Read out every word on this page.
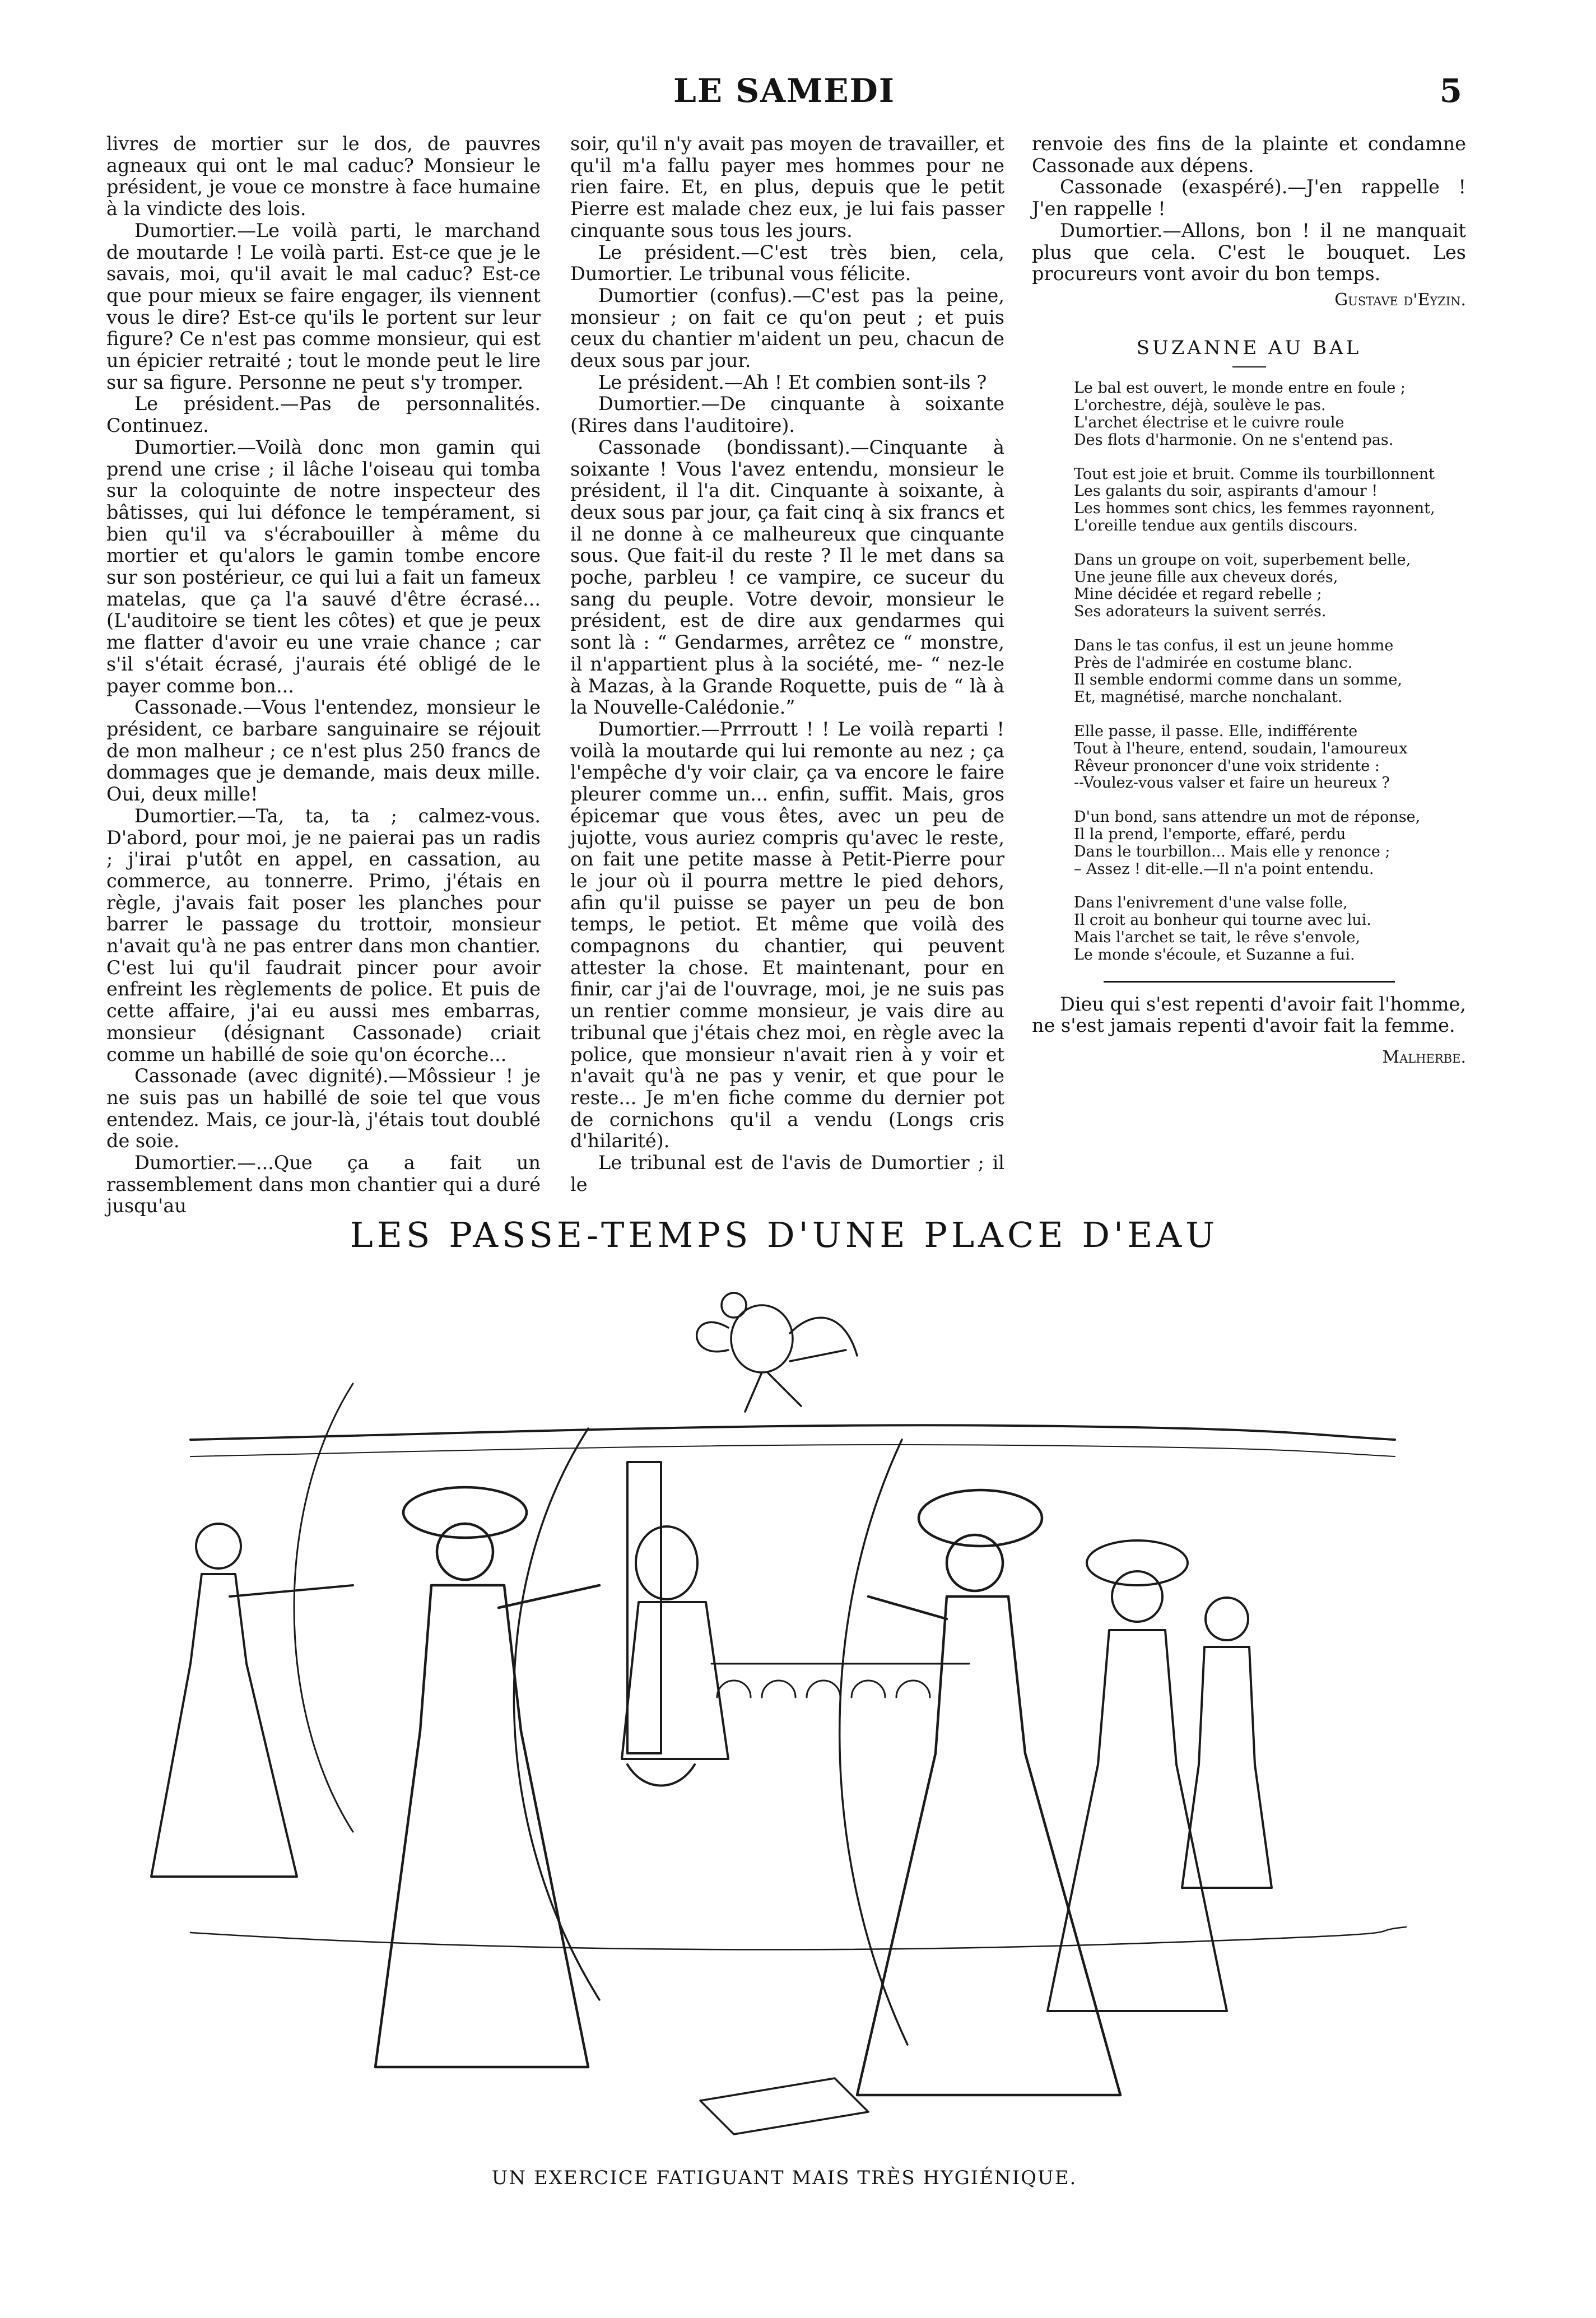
LE SAMEDI	5

livres de mortier sur le dos, de pauvres agneaux qui ont le mal caduc? Monsieur le président, je voue ce monstre à face humaine à la vindicte des lois.

Dumortier.—Le voilà parti, le marchand de moutarde ! Le voilà parti. Est-ce que je le savais, moi, qu'il avait le mal caduc? Est-ce que pour mieux se faire engager, ils viennent vous le dire? Est-ce qu'ils le portent sur leur figure? Ce n'est pas comme monsieur, qui est un épicier retraité ; tout le monde peut le lire sur sa figure. Personne ne peut s'y tromper.

Le président.—Pas de personnalités. Continuez.

Dumortier.—Voilà donc mon gamin qui prend une crise ; il lâche l'oiseau qui tomba sur la coloquinte de notre inspecteur des bâtisses, qui lui défonce le tempérament, si bien qu'il va s'écrabouiller à même du mortier et qu'alors le gamin tombe encore sur son postérieur, ce qui lui a fait un fameux matelas, que ça l'a sauvé d'être écrasé... (L'auditoire se tient les côtes) et que je peux me flatter d'avoir eu une vraie chance ; car s'il s'était écrasé, j'aurais été obligé de le payer comme bon...

Cassonade.—Vous l'entendez, monsieur le président, ce barbare sanguinaire se réjouit de mon malheur ; ce n'est plus 250 francs de dommages que je demande, mais deux mille. Oui, deux mille!

Dumortier.—Ta, ta, ta ; calmez-vous. D'abord, pour moi, je ne paierai pas un radis ; j'irai p'utôt en appel, en cassation, au commerce, au tonnerre. Primo, j'étais en règle, j'avais fait poser les planches pour barrer le passage du trottoir, monsieur n'avait qu'à ne pas entrer dans mon chantier. C'est lui qu'il faudrait pincer pour avoir enfreint les règlements de police. Et puis de cette affaire, j'ai eu aussi mes embarras, monsieur (désignant Cassonade) criait comme un habillé de soie qu'on écorche...

Cassonade (avec dignité).—Môssieur ! je ne suis pas un habillé de soie tel que vous entendez. Mais, ce jour-là, j'étais tout doublé de soie.

Dumortier.—...Que ça a fait un rassemblement dans mon chantier qui a duré jusqu'au

soir, qu'il n'y avait pas moyen de travailler, et qu'il m'a fallu payer mes hommes pour ne rien faire. Et, en plus, depuis que le petit Pierre est malade chez eux, je lui fais passer cinquante sous tous les jours.

Le président.—C'est très bien, cela, Dumortier. Le tribunal vous félicite.

Dumortier (confus).—C'est pas la peine, monsieur ; on fait ce qu'on peut ; et puis ceux du chantier m'aident un peu, chacun de deux sous par jour.

Le président.—Ah ! Et combien sont-ils ?

Dumortier.—De cinquante à soixante (Rires dans l'auditoire).

Cassonade (bondissant).—Cinquante à soixante ! Vous l'avez entendu, monsieur le président, il l'a dit. Cinquante à soixante, à deux sous par jour, ça fait cinq à six francs et il ne donne à ce malheureux que cinquante sous. Que fait-il du reste ? Il le met dans sa poche, parbleu ! ce vampire, ce suceur du sang du peuple. Votre devoir, monsieur le président, est de dire aux gendarmes qui sont là : “ Gendarmes, arrêtez ce “ monstre, il n'appartient plus à la société, me- “ nez-le à Mazas, à la Grande Roquette, puis de “ là à la Nouvelle-Calédonie.”

Dumortier.—Prrroutt ! ! Le voilà reparti ! voilà la moutarde qui lui remonte au nez ; ça l'empêche d'y voir clair, ça va encore le faire pleurer comme un... enfin, suffit. Mais, gros épicemar que vous êtes, avec un peu de jujotte, vous auriez compris qu'avec le reste, on fait une petite masse à Petit-Pierre pour le jour où il pourra mettre le pied dehors, afin qu'il puisse se payer un peu de bon temps, le petiot. Et même que voilà des compagnons du chantier, qui peuvent attester la chose. Et maintenant, pour en finir, car j'ai de l'ouvrage, moi, je ne suis pas un rentier comme monsieur, je vais dire au tribunal que j'étais chez moi, en règle avec la police, que monsieur n'avait rien à y voir et n'avait qu'à ne pas y venir, et que pour le reste... Je m'en fiche comme du dernier pot de cornichons qu'il a vendu (Longs cris d'hilarité).

Le tribunal est de l'avis de Dumortier ; il le

renvoie des fins de la plainte et condamne Cassonade aux dépens.

Cassonade (exaspéré).—J'en rappelle ! J'en rappelle !

Dumortier.—Allons, bon ! il ne manquait plus que cela. C'est le bouquet. Les procureurs vont avoir du bon temps.

Gustave d'Eyzin.
SUZANNE AU BAL
Le bal est ouvert, le monde entre en foule ;
L'orchestre, déjà, soulève le pas.
L'archet électrise et le cuivre roule
Des flots d'harmonie. On ne s'entend pas.
Tout est joie et bruit. Comme ils tourbillonnent
Les galants du soir, aspirants d'amour !
Les hommes sont chics, les femmes rayonnent,
L'oreille tendue aux gentils discours.
Dans un groupe on voit, superbement belle,
Une jeune fille aux cheveux dorés,
Mine décidée et regard rebelle ;
Ses adorateurs la suivent serrés.
Dans le tas confus, il est un jeune homme
Près de l'admirée en costume blanc.
Il semble endormi comme dans un somme,
Et, magnétisé, marche nonchalant.
Elle passe, il passe. Elle, indifférente
Tout à l'heure, entend, soudain, l'amoureux
Rêveur prononcer d'une voix stridente :
--Voulez-vous valser et faire un heureux ?
D'un bond, sans attendre un mot de réponse,
Il la prend, l'emporte, effaré, perdu
Dans le tourbillon... Mais elle y renonce ;
– Assez ! dit-elle.—Il n'a point entendu.
Dans l'enivrement d'une valse folle,
Il croit au bonheur qui tourne avec lui.
Mais l'archet se tait, le rêve s'envole,
Le monde s'écoule, et Suzanne a fui.
Dieu qui s'est repenti d'avoir fait l'homme, ne s'est jamais repenti d'avoir fait la femme.
Malherbe.
LES PASSE-TEMPS D'UNE PLACE D'EAU
UN EXERCICE FATIGUANT MAIS TRÈS HYGIÉNIQUE.
